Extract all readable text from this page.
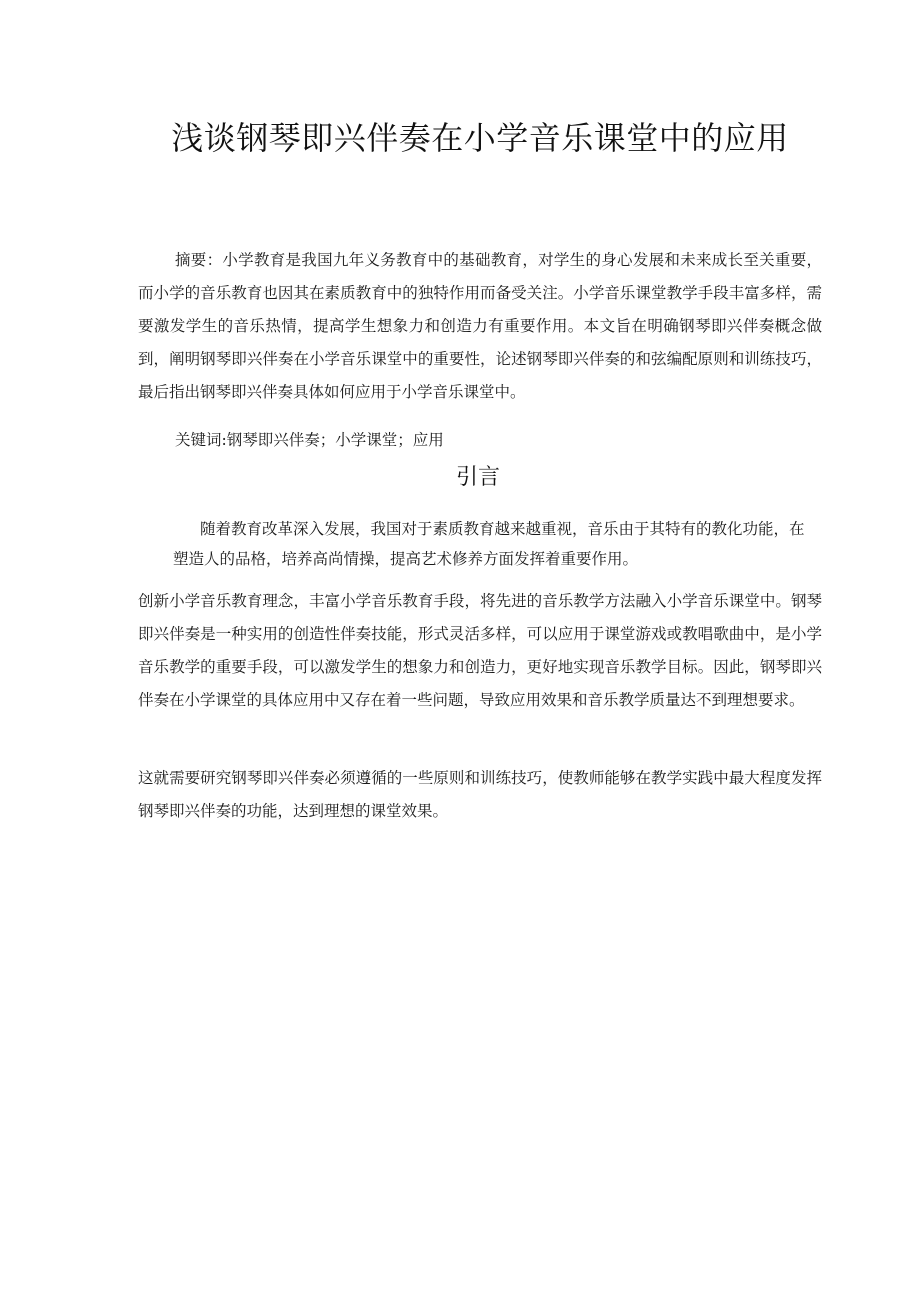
浅谈钢琴即兴伴奏在小学音乐课堂中的应用

摘要：小学教育是我国九年义务教育中的基础教育，对学生的身心发展和未来成长至关重要，而小学的音乐教育也因其在素质教育中的独特作用而备受关注。小学音乐课堂教学手段丰富多样，需要激发学生的音乐热情，提高学生想象力和创造力有重要作用。本文旨在明确钢琴即兴伴奏概念做到，阐明钢琴即兴伴奏在小学音乐课堂中的重要性，论述钢琴即兴伴奏的和弦编配原则和训练技巧，最后指出钢琴即兴伴奏具体如何应用于小学音乐课堂中。

关键词:钢琴即兴伴奏；小学课堂；应用

引言

随着教育改革深入发展，我国对于素质教育越来越重视，音乐由于其特有的教化功能，在塑造人的品格，培养高尚情操，提高艺术修养方面发挥着重要作用。

创新小学音乐教育理念，丰富小学音乐教育手段，将先进的音乐教学方法融入小学音乐课堂中。钢琴即兴伴奏是一种实用的创造性伴奏技能，形式灵活多样，可以应用于课堂游戏或教唱歌曲中，是小学音乐教学的重要手段，可以激发学生的想象力和创造力，更好地实现音乐教学目标。因此，钢琴即兴伴奏在小学课堂的具体应用中又存在着一些问题，导致应用效果和音乐教学质量达不到理想要求。

这就需要研究钢琴即兴伴奏必须遵循的一些原则和训练技巧，使教师能够在教学实践中最大程度发挥钢琴即兴伴奏的功能，达到理想的课堂效果。
